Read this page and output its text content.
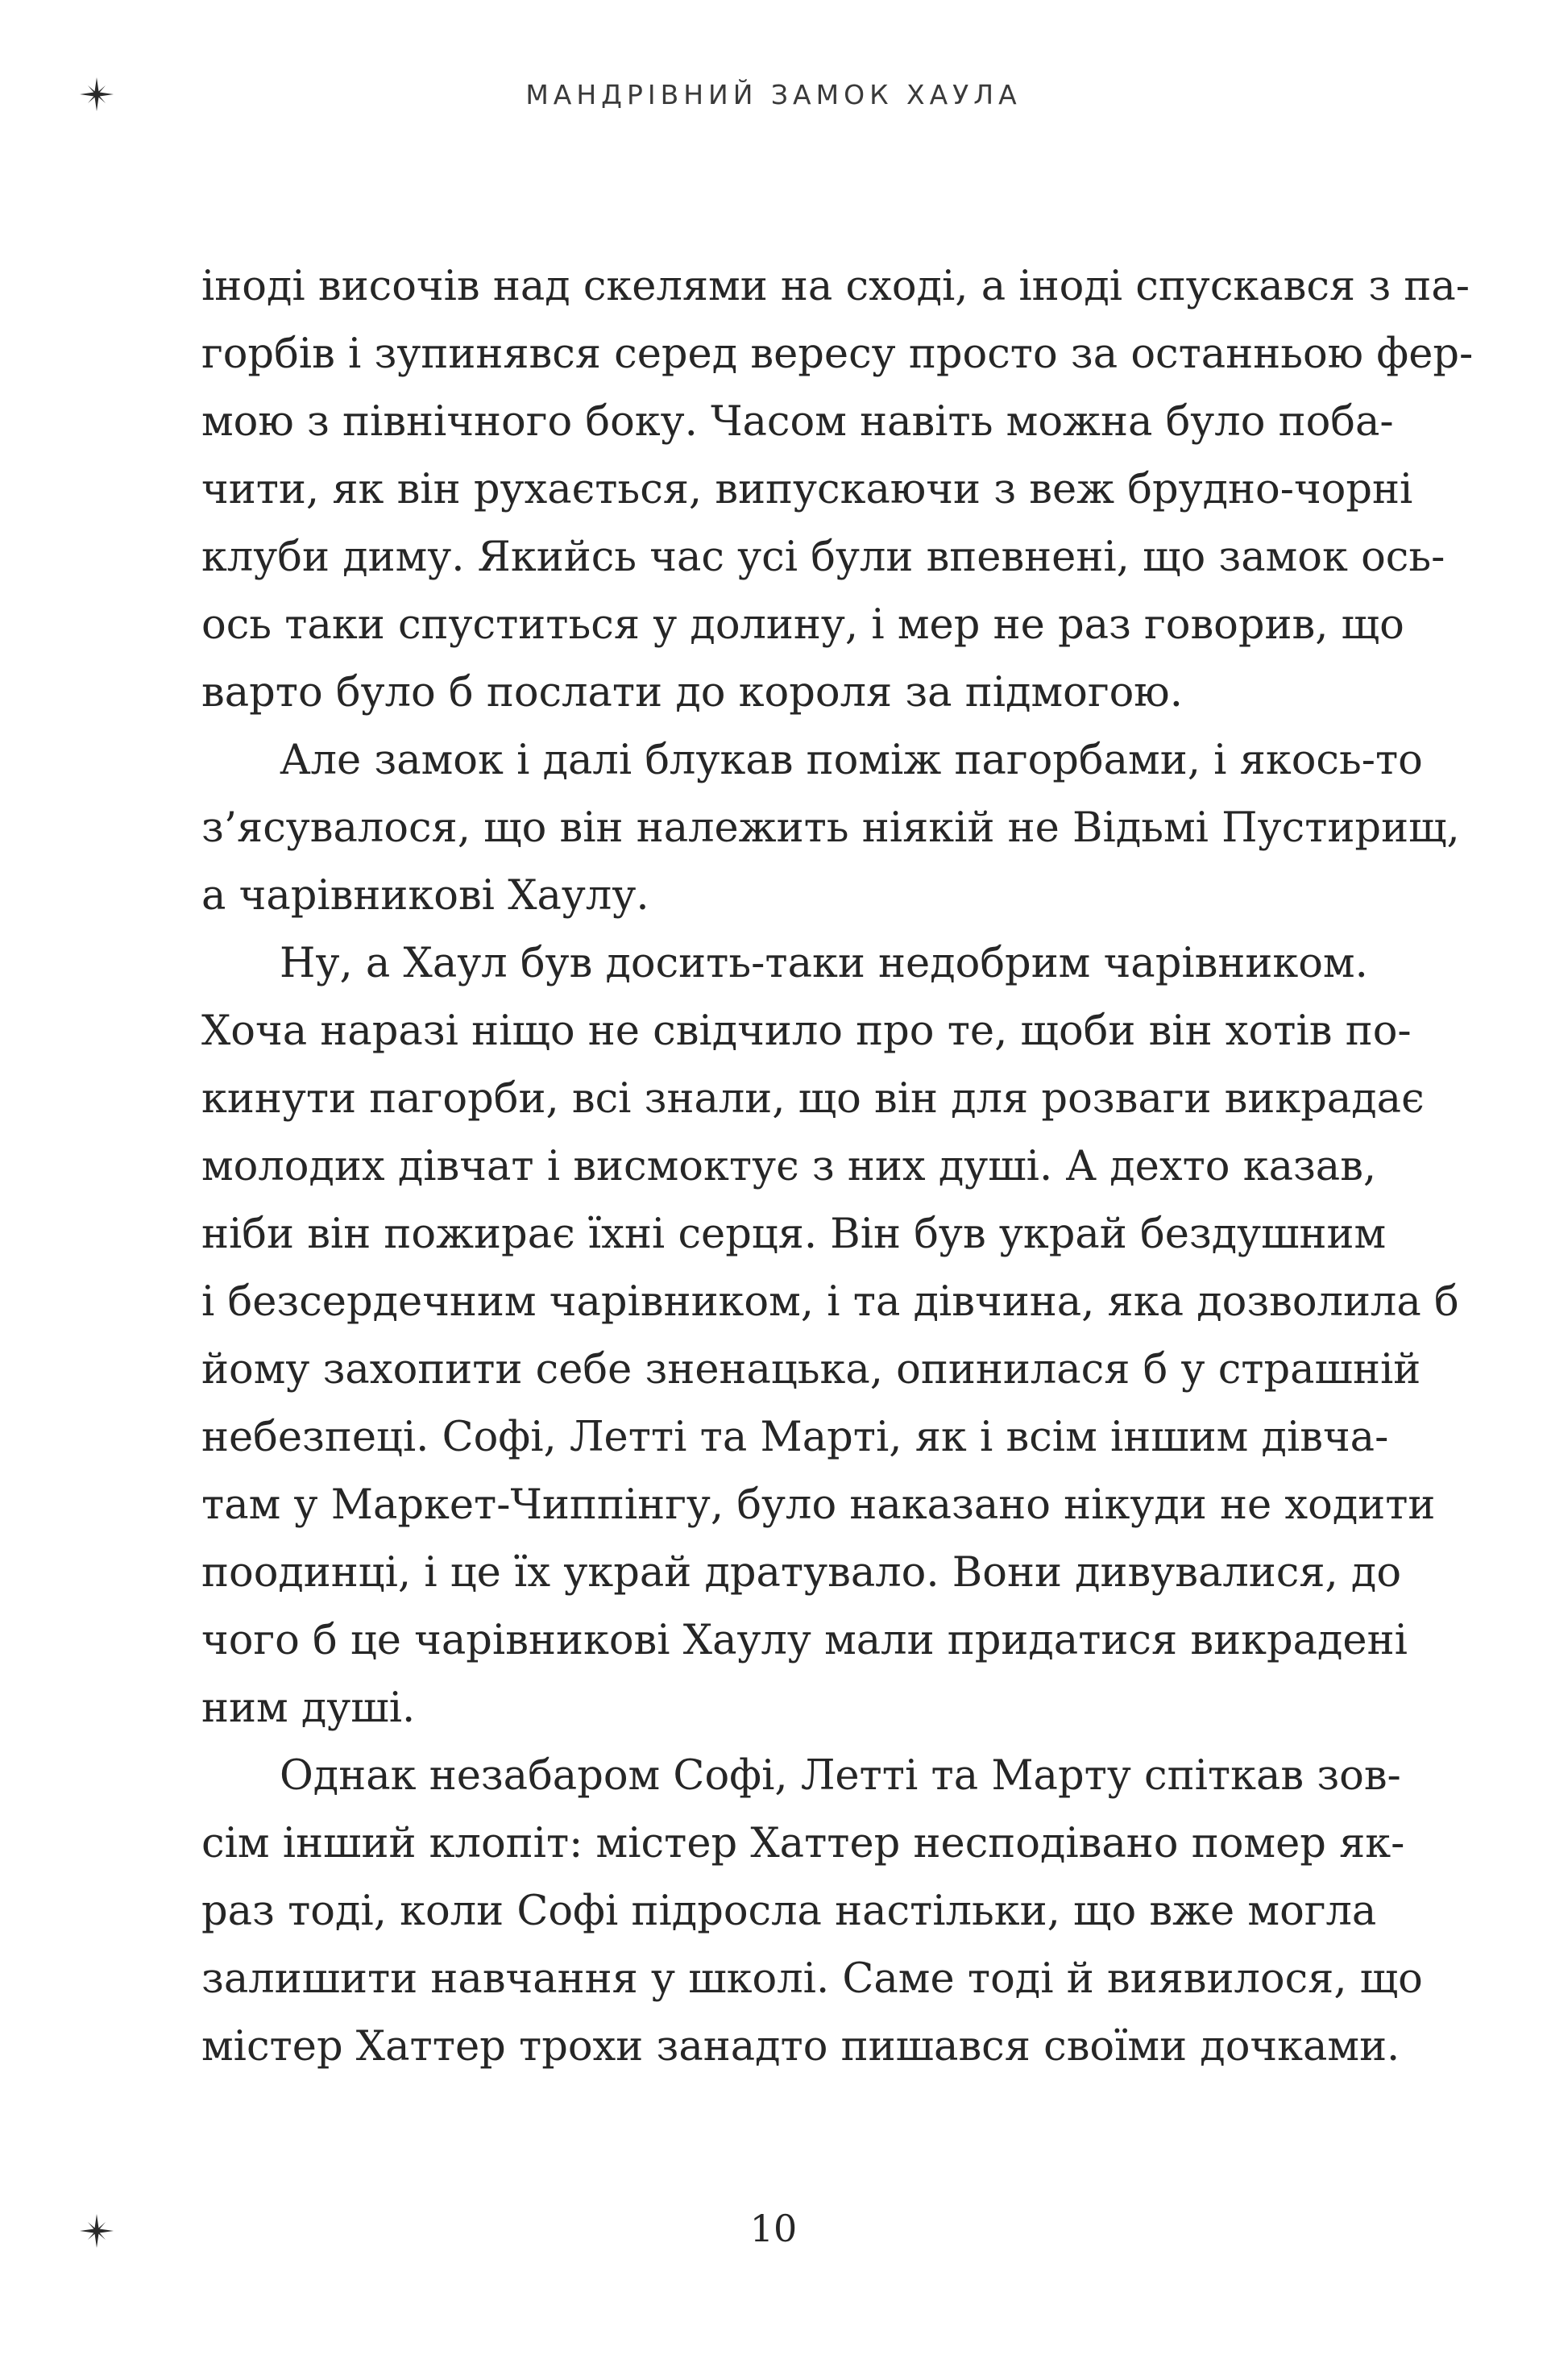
МАНДРІВНИЙ ЗАМОК ХАУЛА
іноді височів над скелями на сході, а іноді спускався з па-
горбів і зупинявся серед вересу просто за останньою фер-
мою з північного боку. Часом навіть можна було поба-
чити, як він рухається, випускаючи з веж брудно-чорні
клуби диму. Якийсь час усі були впевнені, що замок ось-
ось таки спуститься у долину, і мер не раз говорив, що
варто було б послати до короля за підмогою.
Але замок і далі блукав поміж пагорбами, і якось-то
з’ясувалося, що він належить ніякій не Відьмі Пустирищ,
а чарівникові Хаулу.
Ну, а Хаул був досить-таки недобрим чарівником.
Хоча наразі ніщо не свідчило про те, щоби він хотів по-
кинути пагорби, всі знали, що він для розваги викрадає
молодих дівчат і висмоктує з них душі. А дехто казав,
ніби він пожирає їхні серця. Він був украй бездушним
і безсердечним чарівником, і та дівчина, яка дозволила б
йому захопити себе зненацька, опинилася б у страшній
небезпеці. Софі, Летті та Марті, як і всім іншим дівча-
там у Маркет-Чиппінгу, було наказано нікуди не ходити
поодинці, і це їх украй дратувало. Вони дивувалися, до
чого б це чарівникові Хаулу мали придатися викрадені
ним душі.
Однак незабаром Софі, Летті та Марту спіткав зов-
сім інший клопіт: містер Хаттер несподівано помер як-
раз тоді, коли Софі підросла настільки, що вже могла
залишити навчання у школі. Саме тоді й виявилося, що
містер Хаттер трохи занадто пишався своїми дочками.
10
